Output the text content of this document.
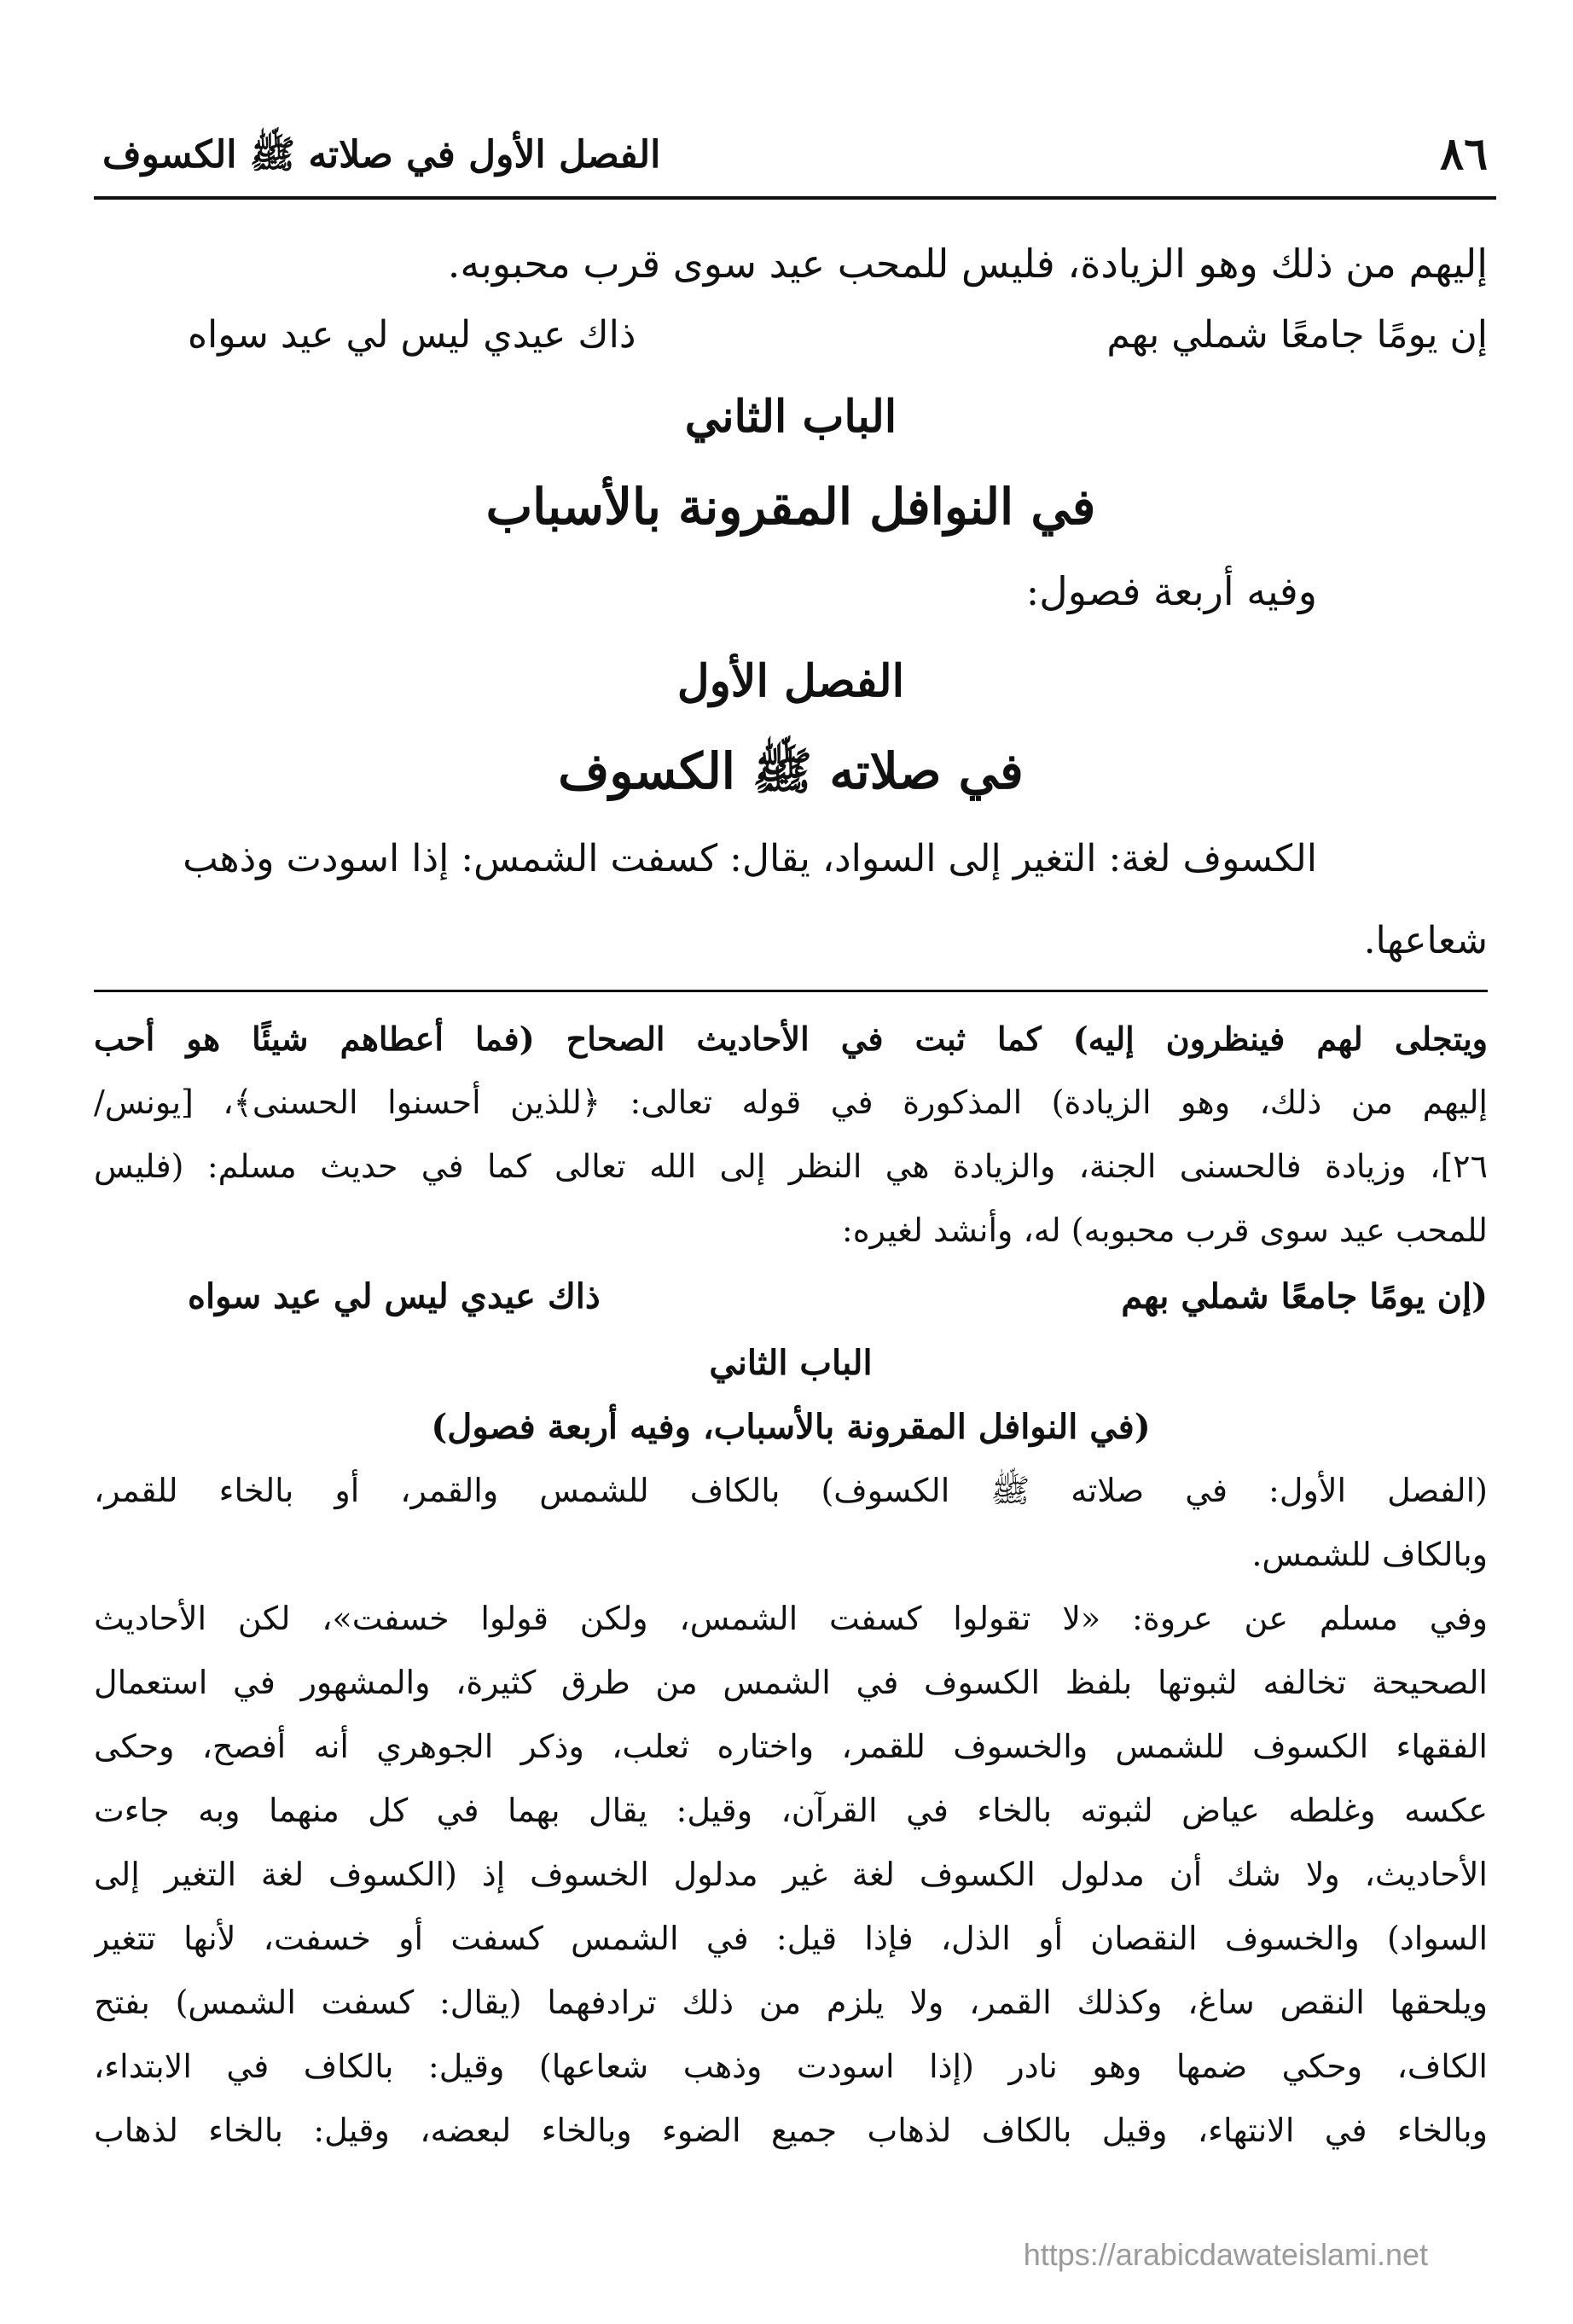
٨٦
الفصل الأول في صلاته ﷺ الكسوف

إليهم من ذلك وهو الزيادة، فليس للمحب عيد سوى قرب محبوبه.

إن يومًا جامعًا شملي بهم
ذاك عيدي ليس لي عيد سواه
الباب الثاني
في النوافل المقرونة بالأسباب

وفيه أربعة فصول:

الفصل الأول
في صلاته ﷺ الكسوف
الكسوف لغة: التغير إلى السواد، يقال: كسفت الشمس: إذا اسودت وذهب
شعاعها.
ويتجلى لهم فينظرون إليه) كما ثبت في الأحاديث الصحاح (فما أعطاهم شيئًا هو أحب
إليهم من ذلك، وهو الزيادة) المذكورة في قوله تعالى: ﴿للذين أحسنوا الحسنى﴾، [يونس/
٢٦]، وزيادة فالحسنى الجنة، والزيادة هي النظر إلى الله تعالى كما في حديث مسلم: (فليس
للمحب عيد سوى قرب محبوبه) له، وأنشد لغيره:
(إن يومًا جامعًا شملي بهم
ذاك عيدي ليس لي عيد سواه
الباب الثاني
(في النوافل المقرونة بالأسباب، وفيه أربعة فصول)
(الفصل الأول: في صلاته ﷺ الكسوف) بالكاف للشمس والقمر، أو بالخاء للقمر،
وبالكاف للشمس.
وفي مسلم عن عروة: «لا تقولوا كسفت الشمس، ولكن قولوا خسفت»، لكن الأحاديث
الصحيحة تخالفه لثبوتها بلفظ الكسوف في الشمس من طرق كثيرة، والمشهور في استعمال
الفقهاء الكسوف للشمس والخسوف للقمر، واختاره ثعلب، وذكر الجوهري أنه أفصح، وحكى
عكسه وغلطه عياض لثبوته بالخاء في القرآن، وقيل: يقال بهما في كل منهما وبه جاءت
الأحاديث، ولا شك أن مدلول الكسوف لغة غير مدلول الخسوف إذ (الكسوف لغة التغير إلى
السواد) والخسوف النقصان أو الذل، فإذا قيل: في الشمس كسفت أو خسفت، لأنها تتغير
ويلحقها النقص ساغ، وكذلك القمر، ولا يلزم من ذلك ترادفهما (يقال: كسفت الشمس) بفتح
الكاف، وحكي ضمها وهو نادر (إذا اسودت وذهب شعاعها) وقيل: بالكاف في الابتداء،
وبالخاء في الانتهاء، وقيل بالكاف لذهاب جميع الضوء وبالخاء لبعضه، وقيل: بالخاء لذهاب
https://arabicdawateislami.net
